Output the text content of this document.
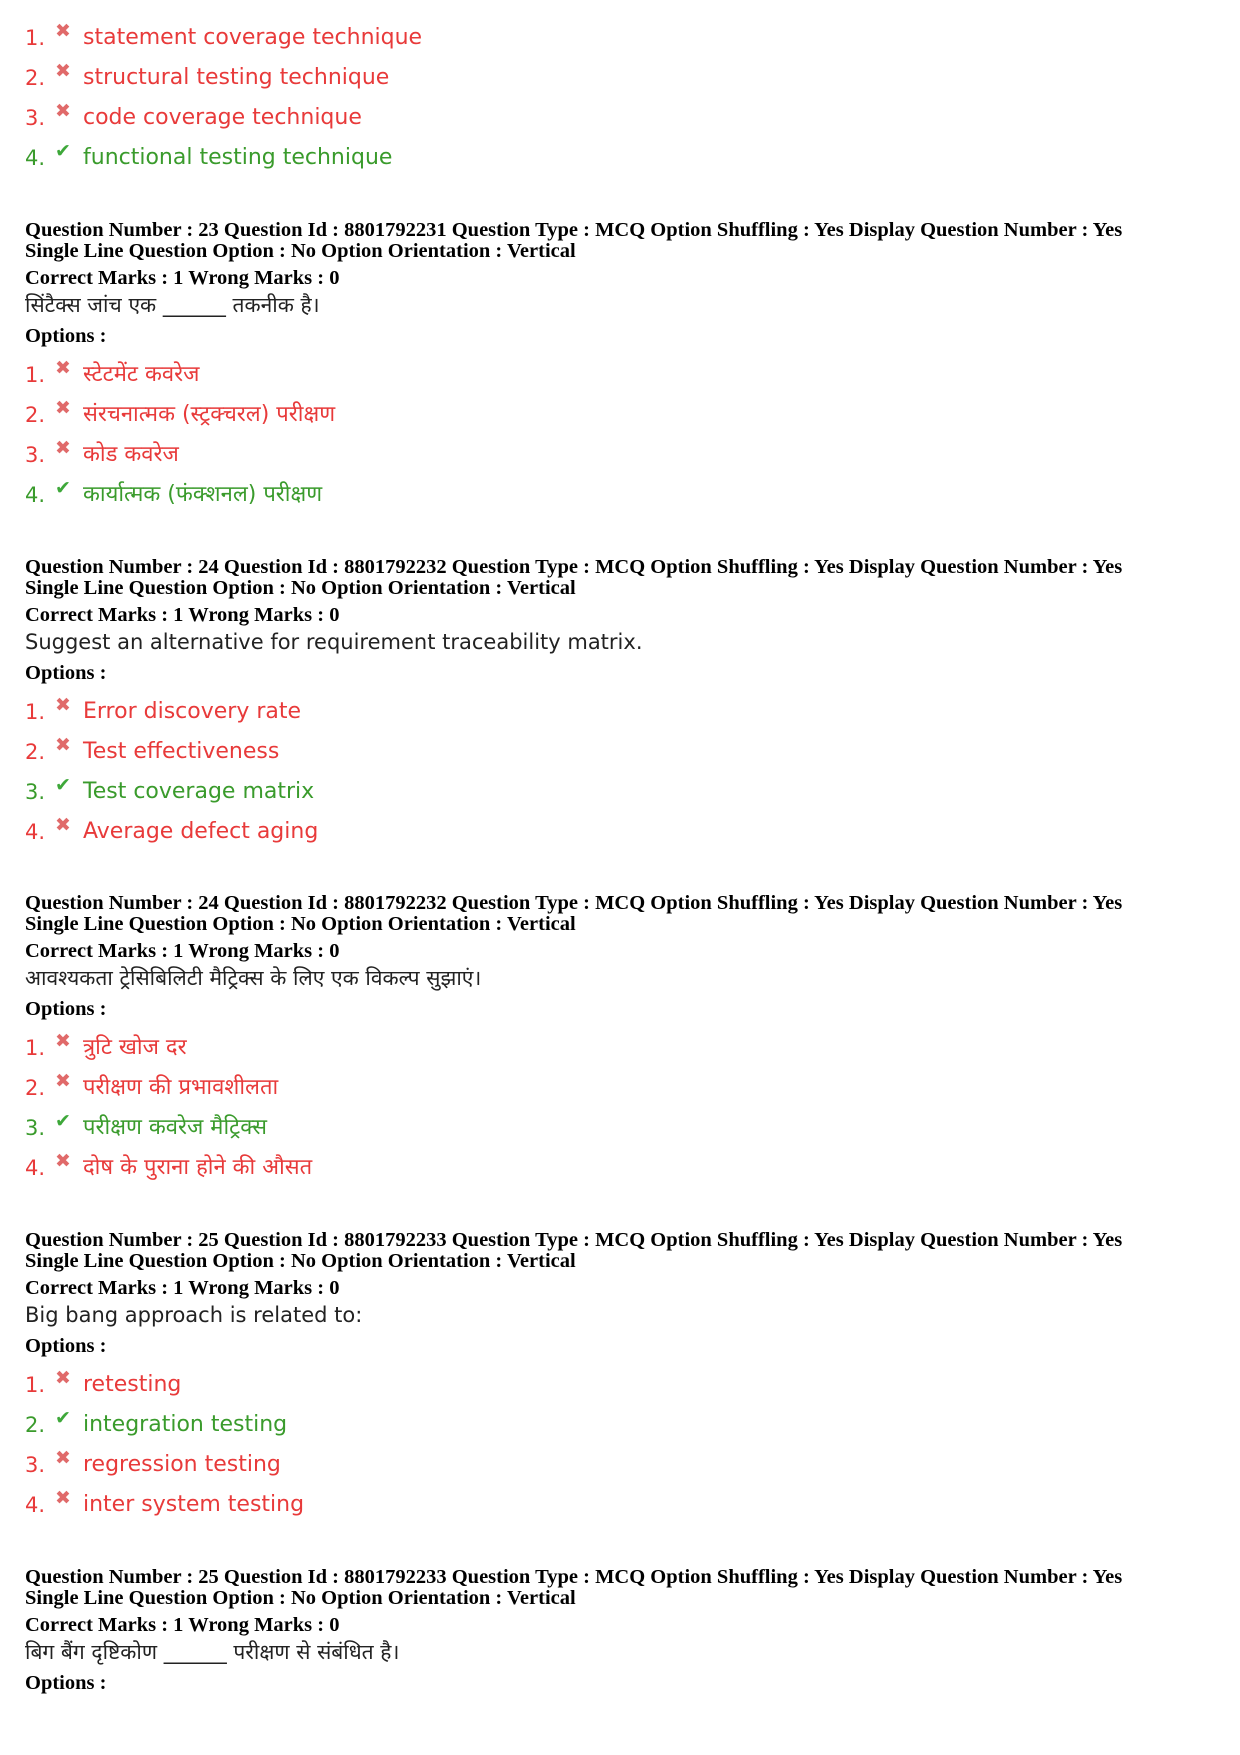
1. ✖ statement coverage technique
2. ✖ structural testing technique
3. ✖ code coverage technique
4. ✔ functional testing technique
Question Number : 23 Question Id : 8801792231 Question Type : MCQ Option Shuffling : Yes Display Question Number : Yes
Single Line Question Option : No Option Orientation : Vertical
Correct Marks : 1 Wrong Marks : 0
सिंटैक्स जांच एक ______ तकनीक है।
Options :
1. ✖ स्टेटमेंट कवरेज
2. ✖ संरचनात्मक (स्ट्रक्चरल) परीक्षण
3. ✖ कोड कवरेज
4. ✔ कार्यात्मक (फंक्शनल) परीक्षण
Question Number : 24 Question Id : 8801792232 Question Type : MCQ Option Shuffling : Yes Display Question Number : Yes
Single Line Question Option : No Option Orientation : Vertical
Correct Marks : 1 Wrong Marks : 0
Suggest an alternative for requirement traceability matrix.
Options :
1. ✖ Error discovery rate
2. ✖ Test effectiveness
3. ✔ Test coverage matrix
4. ✖ Average defect aging
Question Number : 24 Question Id : 8801792232 Question Type : MCQ Option Shuffling : Yes Display Question Number : Yes
Single Line Question Option : No Option Orientation : Vertical
Correct Marks : 1 Wrong Marks : 0
आवश्यकता ट्रेसिबिलिटी मैट्रिक्स के लिए एक विकल्प सुझाएं।
Options :
1. ✖ त्रुटि खोज दर
2. ✖ परीक्षण की प्रभावशीलता
3. ✔ परीक्षण कवरेज मैट्रिक्स
4. ✖ दोष के पुराना होने की औसत
Question Number : 25 Question Id : 8801792233 Question Type : MCQ Option Shuffling : Yes Display Question Number : Yes
Single Line Question Option : No Option Orientation : Vertical
Correct Marks : 1 Wrong Marks : 0
Big bang approach is related to:
Options :
1. ✖ retesting
2. ✔ integration testing
3. ✖ regression testing
4. ✖ inter system testing
Question Number : 25 Question Id : 8801792233 Question Type : MCQ Option Shuffling : Yes Display Question Number : Yes
Single Line Question Option : No Option Orientation : Vertical
Correct Marks : 1 Wrong Marks : 0
बिग बैंग दृष्टिकोण ______ परीक्षण से संबंधित है।
Options :
